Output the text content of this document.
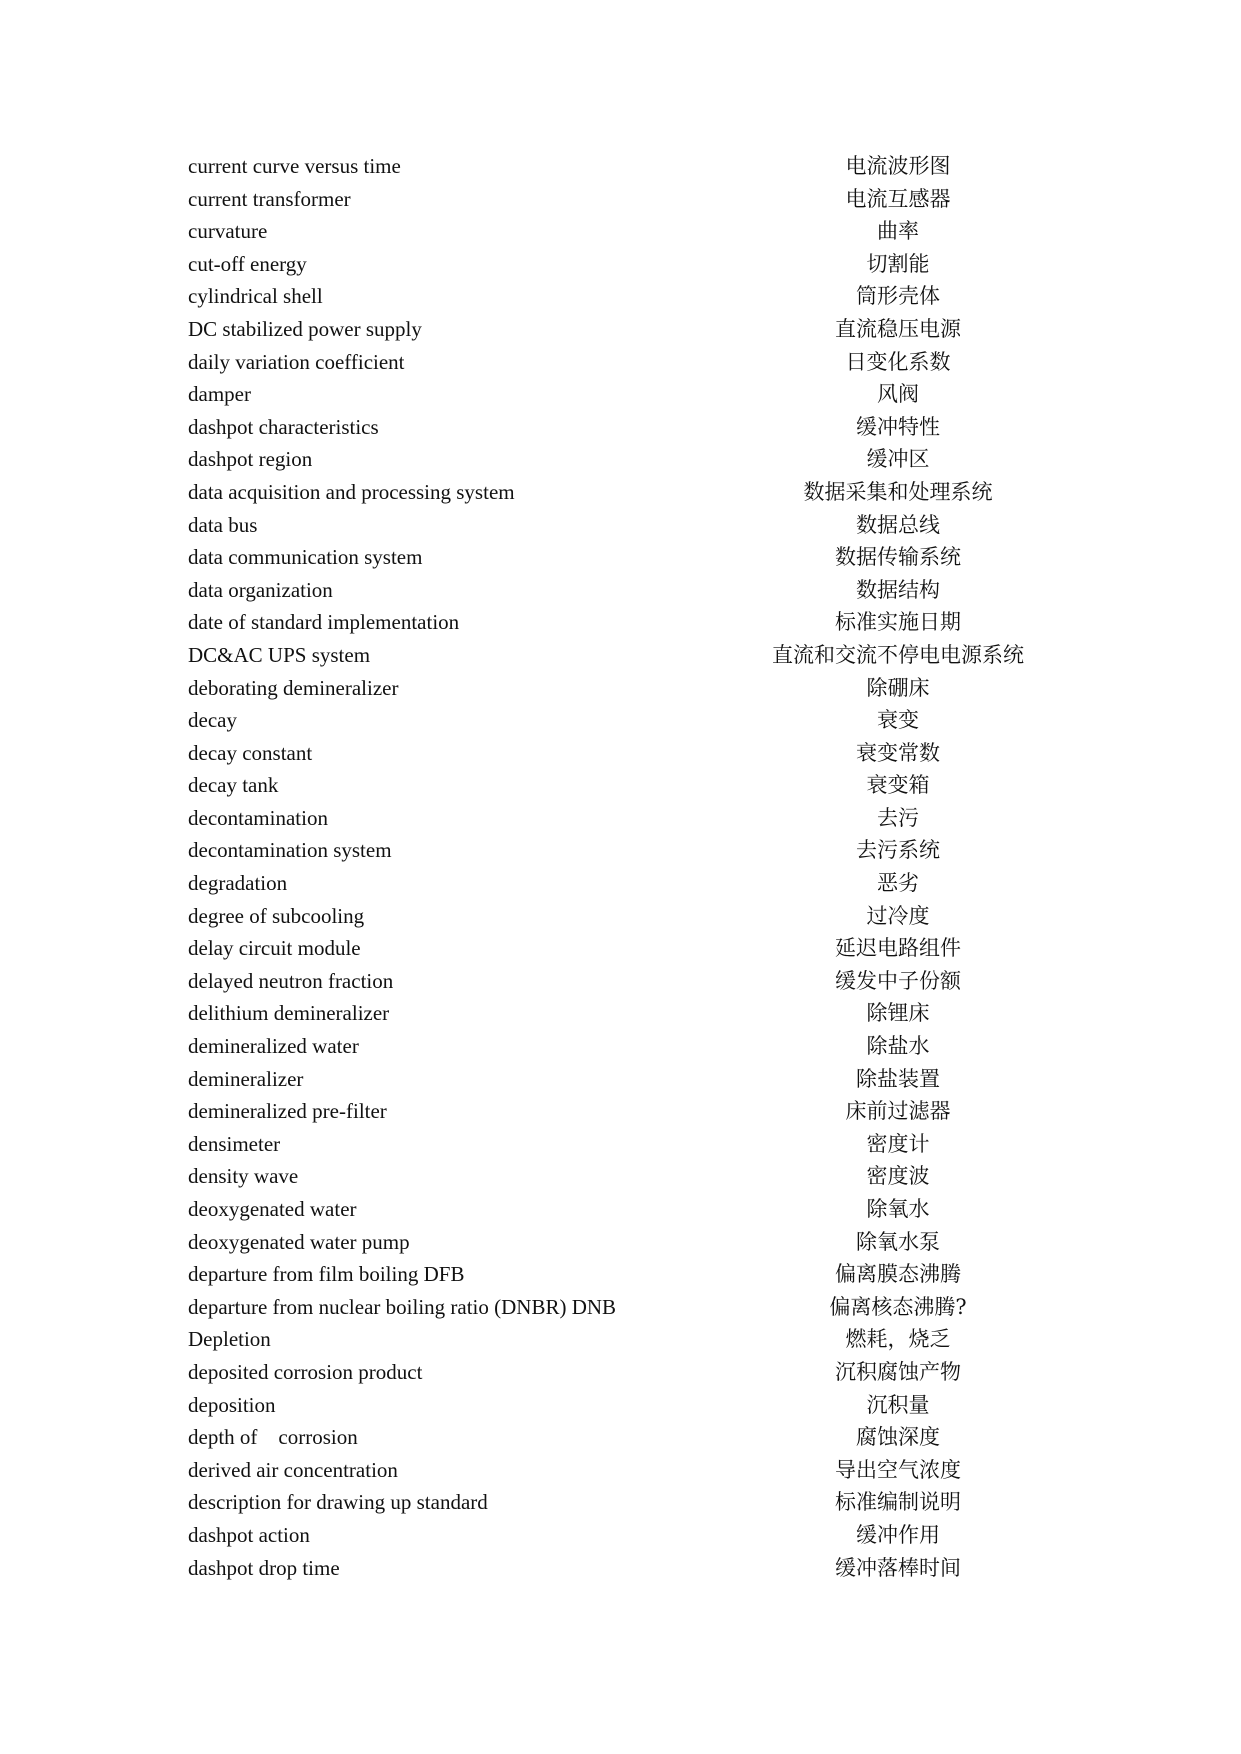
current curve versus time	电流波形图
current transformer	电流互感器
curvature	曲率
cut-off energy	切割能
cylindrical shell	筒形壳体
DC stabilized power supply	直流稳压电源
daily variation coefficient	日变化系数
damper	风阀
dashpot characteristics	缓冲特性
dashpot region	缓冲区
data acquisition and processing system	数据采集和处理系统
data bus	数据总线
data communication system	数据传输系统
data organization	数据结构
date of standard implementation	标准实施日期
DC&AC UPS system	直流和交流不停电电源系统
deborating demineralizer	除硼床
decay	衰变
decay constant	衰变常数
decay tank	衰变箱
decontamination	去污
decontamination system	去污系统
degradation	恶劣
degree of subcooling	过冷度
delay circuit module	延迟电路组件
delayed neutron fraction	缓发中子份额
delithium demineralizer	除锂床
demineralized water	除盐水
demineralizer	除盐装置
demineralized pre-filter	床前过滤器
densimeter	密度计
density wave	密度波
deoxygenated water	除氧水
deoxygenated water pump	除氧水泵
departure from film boiling DFB	偏离膜态沸腾
departure from nuclear boiling ratio (DNBR) DNB	偏离核态沸腾?
Depletion	燃耗，烧乏
deposited corrosion product	沉积腐蚀产物
deposition	沉积量
depth of    corrosion	腐蚀深度
derived air concentration	导出空气浓度
description for drawing up standard	标准编制说明
dashpot action	缓冲作用
dashpot drop time	缓冲落棒时间
